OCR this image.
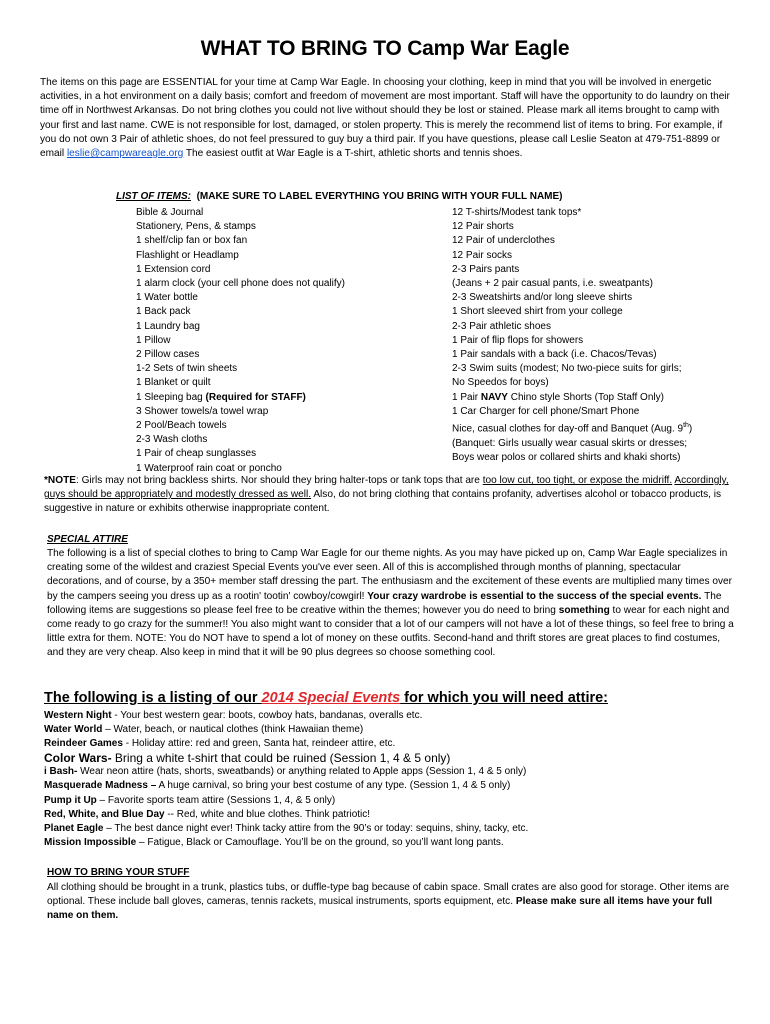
WHAT TO BRING TO Camp War Eagle
The items on this page are ESSENTIAL for your time at Camp War Eagle. In choosing your clothing, keep in mind that you will be involved in energetic activities, in a hot environment on a daily basis; comfort and freedom of movement are most important. Staff will have the opportunity to do laundry on their time off in Northwest Arkansas. Do not bring clothes you could not live without should they be lost or stained. Please mark all items brought to camp with your first and last name. CWE is not responsible for lost, damaged, or stolen property. This is merely the recommend list of items to bring. For example, if you do not own 3 Pair of athletic shoes, do not feel pressured to guy buy a third pair. If you have questions, please call Leslie Seaton at 479-751-8899 or email leslie@campwareagle.org The easiest outfit at War Eagle is a T-shirt, athletic shorts and tennis shoes.
LIST OF ITEMS: (MAKE SURE TO LABEL EVERYTHING YOU BRING WITH YOUR FULL NAME)
Bible & Journal
Stationery, Pens, & stamps
1 shelf/clip fan or box fan
Flashlight or Headlamp
1 Extension cord
1 alarm clock (your cell phone does not qualify)
1 Water bottle
1 Back pack
1 Laundry bag
1 Pillow
2 Pillow cases
1-2 Sets of twin sheets
1 Blanket or quilt
1 Sleeping bag (Required for STAFF)
3 Shower towels/a towel wrap
2 Pool/Beach towels
2-3 Wash cloths
1 Pair of cheap sunglasses
1 Waterproof rain coat or poncho
12 T-shirts/Modest tank tops*
12 Pair shorts
12 Pair of underclothes
12 Pair socks
2-3 Pairs pants
(Jeans + 2 pair casual pants, i.e. sweatpants)
2-3 Sweatshirts and/or long sleeve shirts
1 Short sleeved shirt from your college
2-3 Pair athletic shoes
1 Pair of flip flops for showers
1 Pair sandals with a back (i.e. Chacos/Tevas)
2-3 Swim suits (modest; No two-piece suits for girls;
No Speedos for boys)
1 Pair NAVY Chino style Shorts (Top Staff Only)
1 Car Charger for cell phone/Smart Phone
Nice, casual clothes for day-off and Banquet (Aug. 9th)
(Banquet: Girls usually wear casual skirts or dresses;
Boys wear polos or collared shirts and khaki shorts)
*NOTE: Girls may not bring backless shirts. Nor should they bring halter-tops or tank tops that are too low cut, too tight, or expose the midriff. Accordingly, guys should be appropriately and modestly dressed as well. Also, do not bring clothing that contains profanity, advertises alcohol or tobacco products, is suggestive in nature or exhibits otherwise inappropriate content.
SPECIAL ATTIRE
The following is a list of special clothes to bring to Camp War Eagle for our theme nights. As you may have picked up on, Camp War Eagle specializes in creating some of the wildest and craziest Special Events you've ever seen. All of this is accomplished through months of planning, spectacular decorations, and of course, by a 350+ member staff dressing the part. The enthusiasm and the excitement of these events are multiplied many times over by the campers seeing you dress up as a rootin' tootin' cowboy/cowgirl! Your crazy wardrobe is essential to the success of the special events. The following items are suggestions so please feel free to be creative within the themes; however you do need to bring something to wear for each night and come ready to go crazy for the summer!! You also might want to consider that a lot of our campers will not have a lot of these things, so feel free to bring a little extra for them. NOTE: You do NOT have to spend a lot of money on these outfits. Second-hand and thrift stores are great places to find costumes, and they are very cheap. Also keep in mind that it will be 90 plus degrees so choose something cool.
The following is a listing of our 2014 Special Events for which you will need attire:
Western Night - Your best western gear: boots, cowboy hats, bandanas, overalls etc.
Water World – Water, beach, or nautical clothes (think Hawaiian theme)
Reindeer Games - Holiday attire: red and green, Santa hat, reindeer attire, etc.
Color Wars- Bring a white t-shirt that could be ruined (Session 1, 4 & 5 only)
i Bash- Wear neon attire (hats, shorts, sweatbands) or anything related to Apple apps (Session 1, 4 & 5 only)
Masquerade Madness – A huge carnival, so bring your best costume of any type. (Session 1, 4 & 5 only)
Pump it Up – Favorite sports team attire (Sessions 1, 4, & 5 only)
Red, White, and Blue Day -- Red, white and blue clothes. Think patriotic!
Planet Eagle – The best dance night ever! Think tacky attire from the 90’s or today: sequins, shiny, tacky, etc.
Mission Impossible – Fatigue, Black or Camouflage. You’ll be on the ground, so you’ll want long pants.
HOW TO BRING YOUR STUFF
All clothing should be brought in a trunk, plastics tubs, or duffle-type bag because of cabin space. Small crates are also good for storage. Other items are optional. These include ball gloves, cameras, tennis rackets, musical instruments, sports equipment, etc. Please make sure all items have your full name on them.
